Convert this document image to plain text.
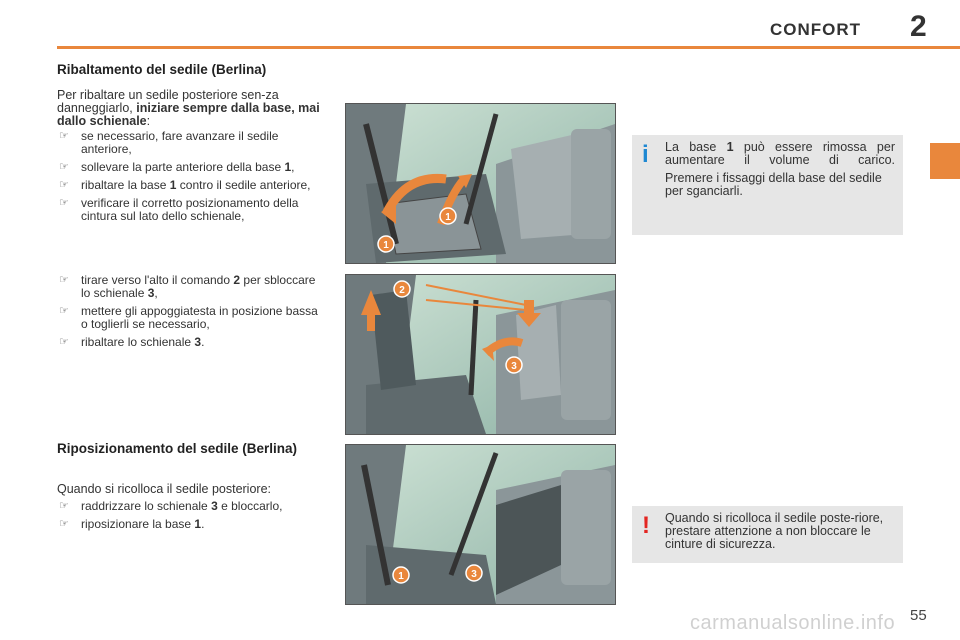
CONFORT 2
Ribaltamento del sedile (Berlina)
Per ribaltare un sedile posteriore sen-za danneggiarlo, iniziare sempre dalla base, mai dallo schienale:
☞ se necessario, fare avanzare il sedile anteriore,
☞ sollevare la parte anteriore della base 1,
☞ ribaltare la base 1 contro il sedile anteriore,
☞ verificare il corretto posizionamento della cintura sul lato dello schienale,
☞ tirare verso l'alto il comando 2 per sbloccare lo schienale 3,
☞ mettere gli appoggiatesta in posizione bassa o toglierli se necessario,
☞ ribaltare lo schienale 3.
Riposizionamento del sedile (Berlina)
Quando si ricolloca il sedile posteriore:
☞ raddrizzare lo schienale 3 e bloccarlo,
☞ riposizionare la base 1.
1
1
2
3
1	3
i La base 1 può essere rimossa per aumentare il volume di carico.

Premere i fissaggi della base del sedile per sganciarli.

! Quando si ricolloca il sedile poste-riore, prestare attenzione a non bloccare le cinture di sicurezza.

carmanualsonline.info 55
